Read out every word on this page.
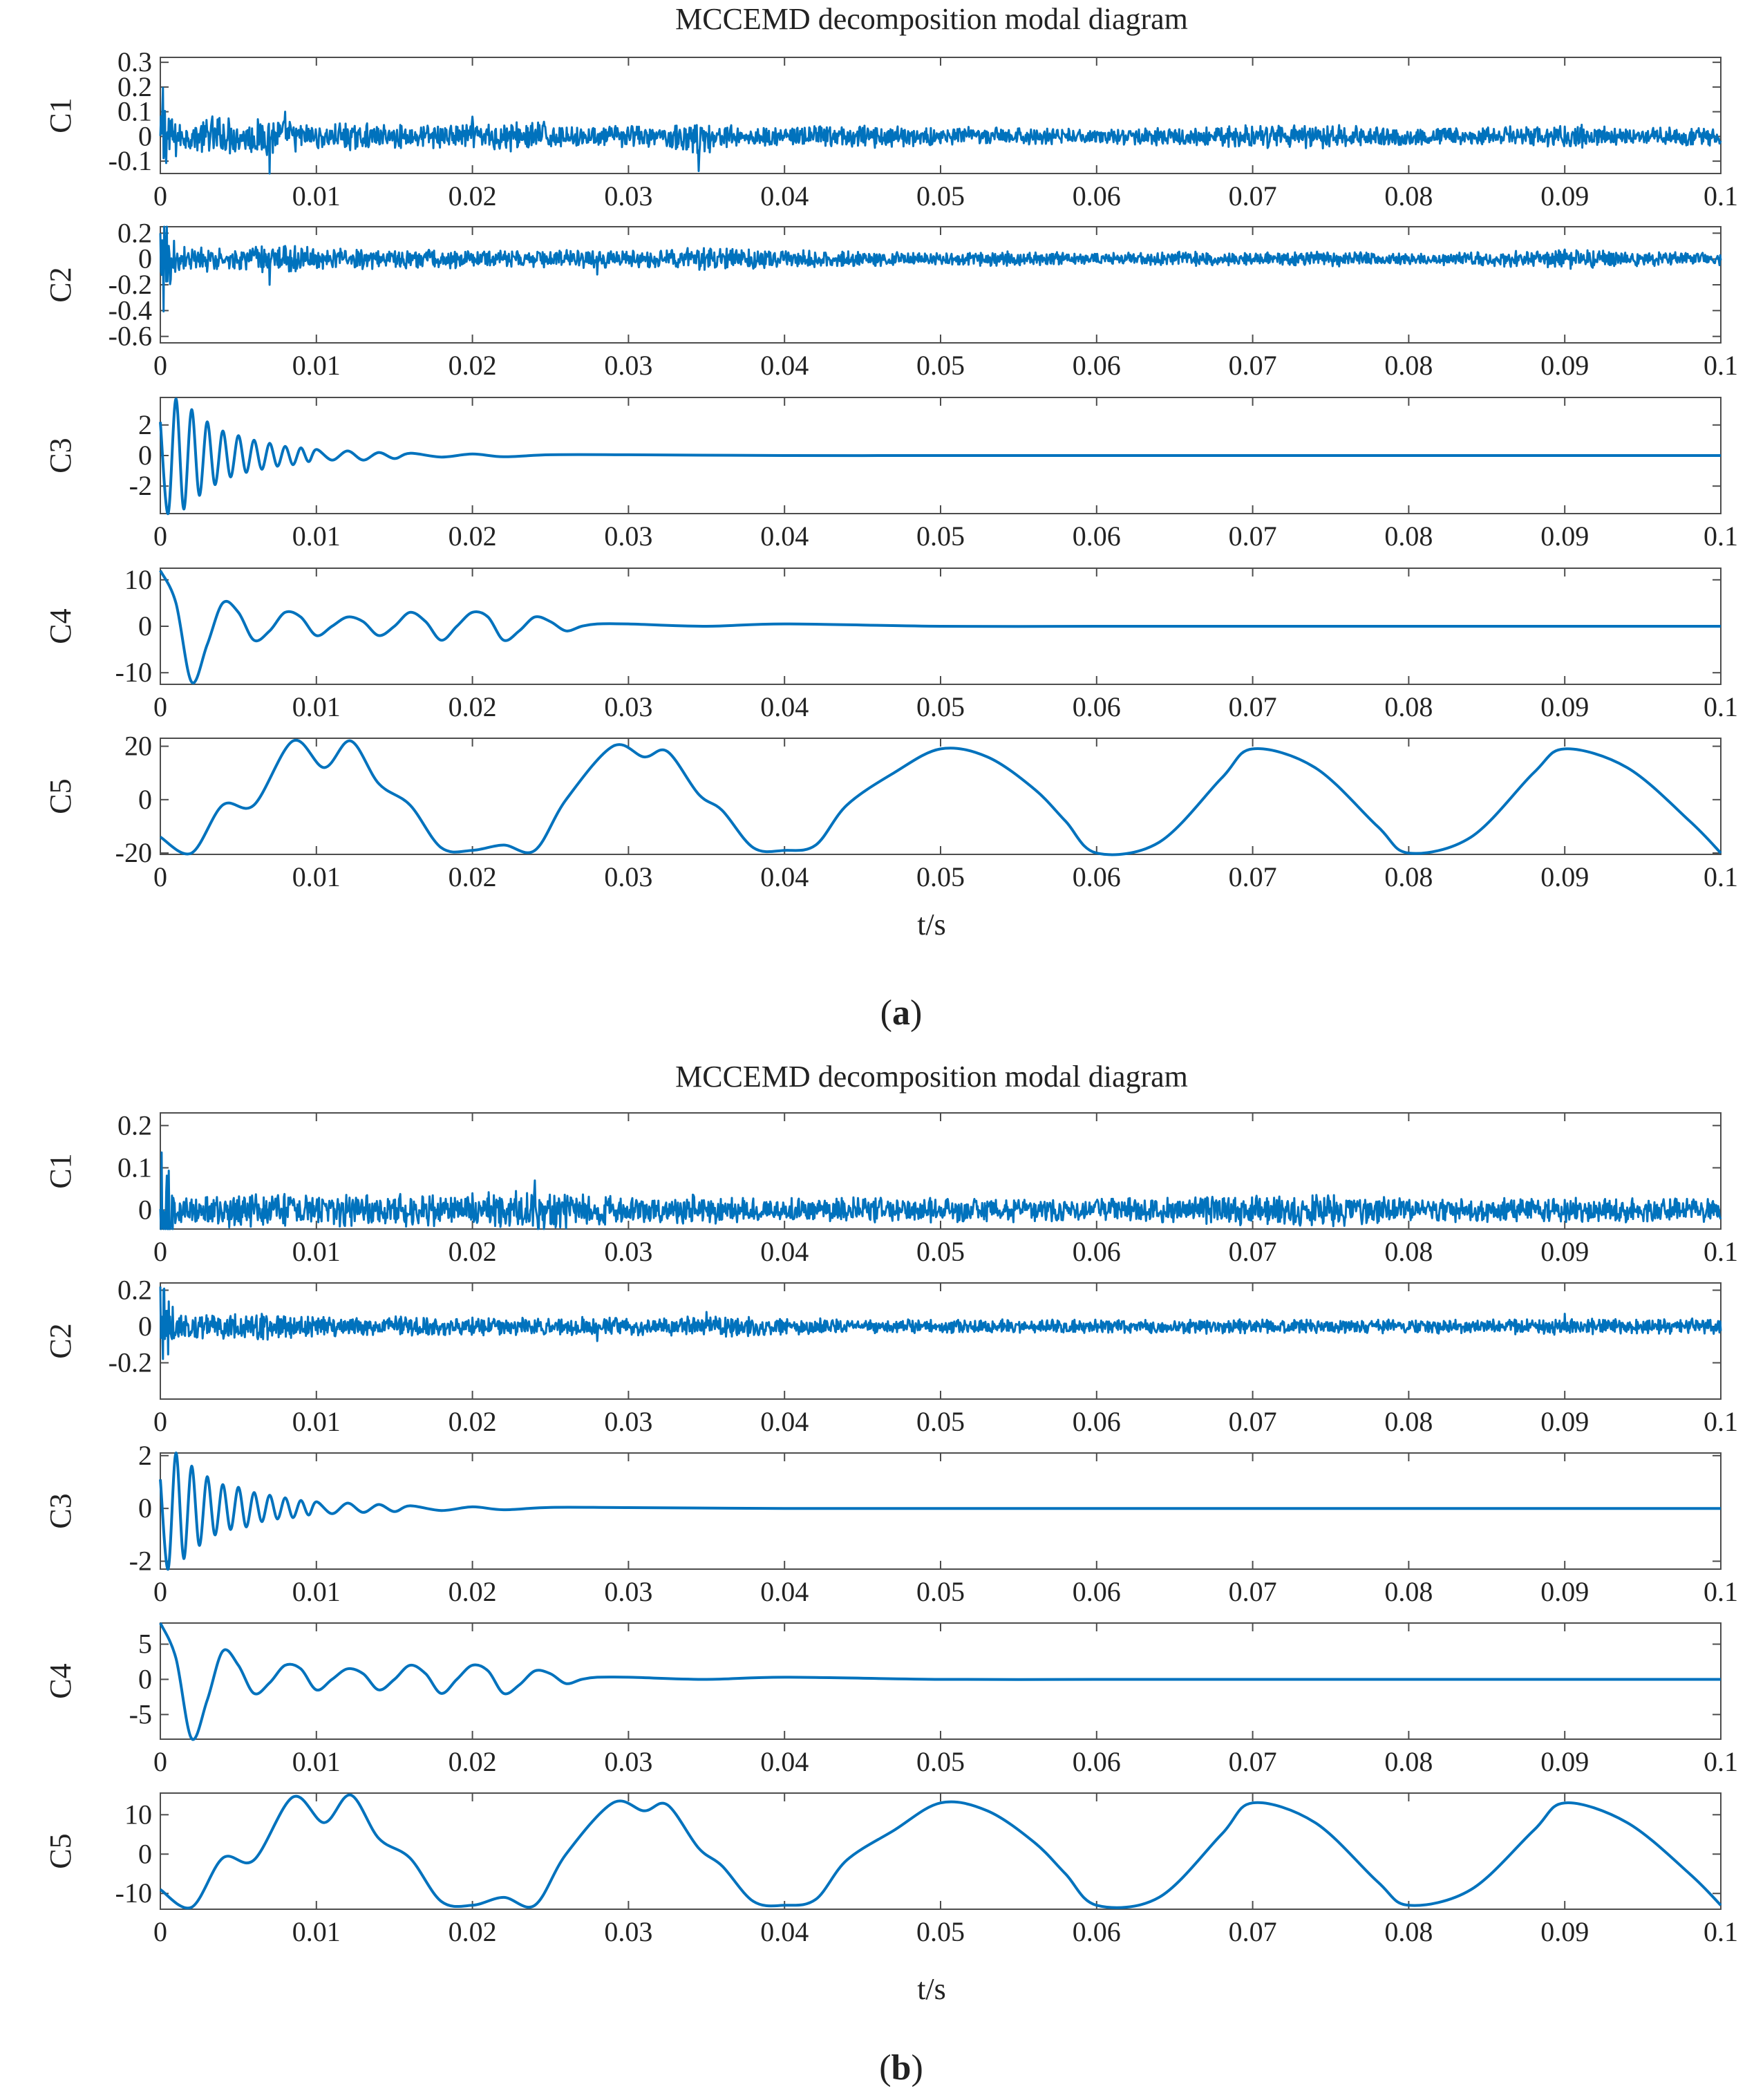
MCCEMD decomposition modal diagram
t/s
(a)
0	0.01	0.02	0.03	0.04	0.05	0.06	0.07	0.08	0.09	0.1
-0.1
0
0.1
0.2
0.3
C1
0	0.01	0.02	0.03	0.04	0.05	0.06	0.07	0.08	0.09	0.1
-0.6
-0.4
-0.2
0
0.2
C2
0	0.01	0.02	0.03	0.04	0.05	0.06	0.07	0.08	0.09	0.1
-2
0
2
C3
0	0.01	0.02	0.03	0.04	0.05	0.06	0.07	0.08	0.09	0.1
-10
0
10
C4
0	0.01	0.02	0.03	0.04	0.05	0.06	0.07	0.08	0.09	0.1
-20
0
20
C5
MCCEMD decomposition modal diagram
t/s
(b)
0	0.01	0.02	0.03	0.04	0.05	0.06	0.07	0.08	0.09	0.1
0
0.1
0.2
C1
0	0.01	0.02	0.03	0.04	0.05	0.06	0.07	0.08	0.09	0.1
-0.2
0
0.2
C2
0	0.01	0.02	0.03	0.04	0.05	0.06	0.07	0.08	0.09	0.1
-2
0
2
C3
0	0.01	0.02	0.03	0.04	0.05	0.06	0.07	0.08	0.09	0.1
-5
0
5
C4
0	0.01	0.02	0.03	0.04	0.05	0.06	0.07	0.08	0.09	0.1
-10
0
10
C5
